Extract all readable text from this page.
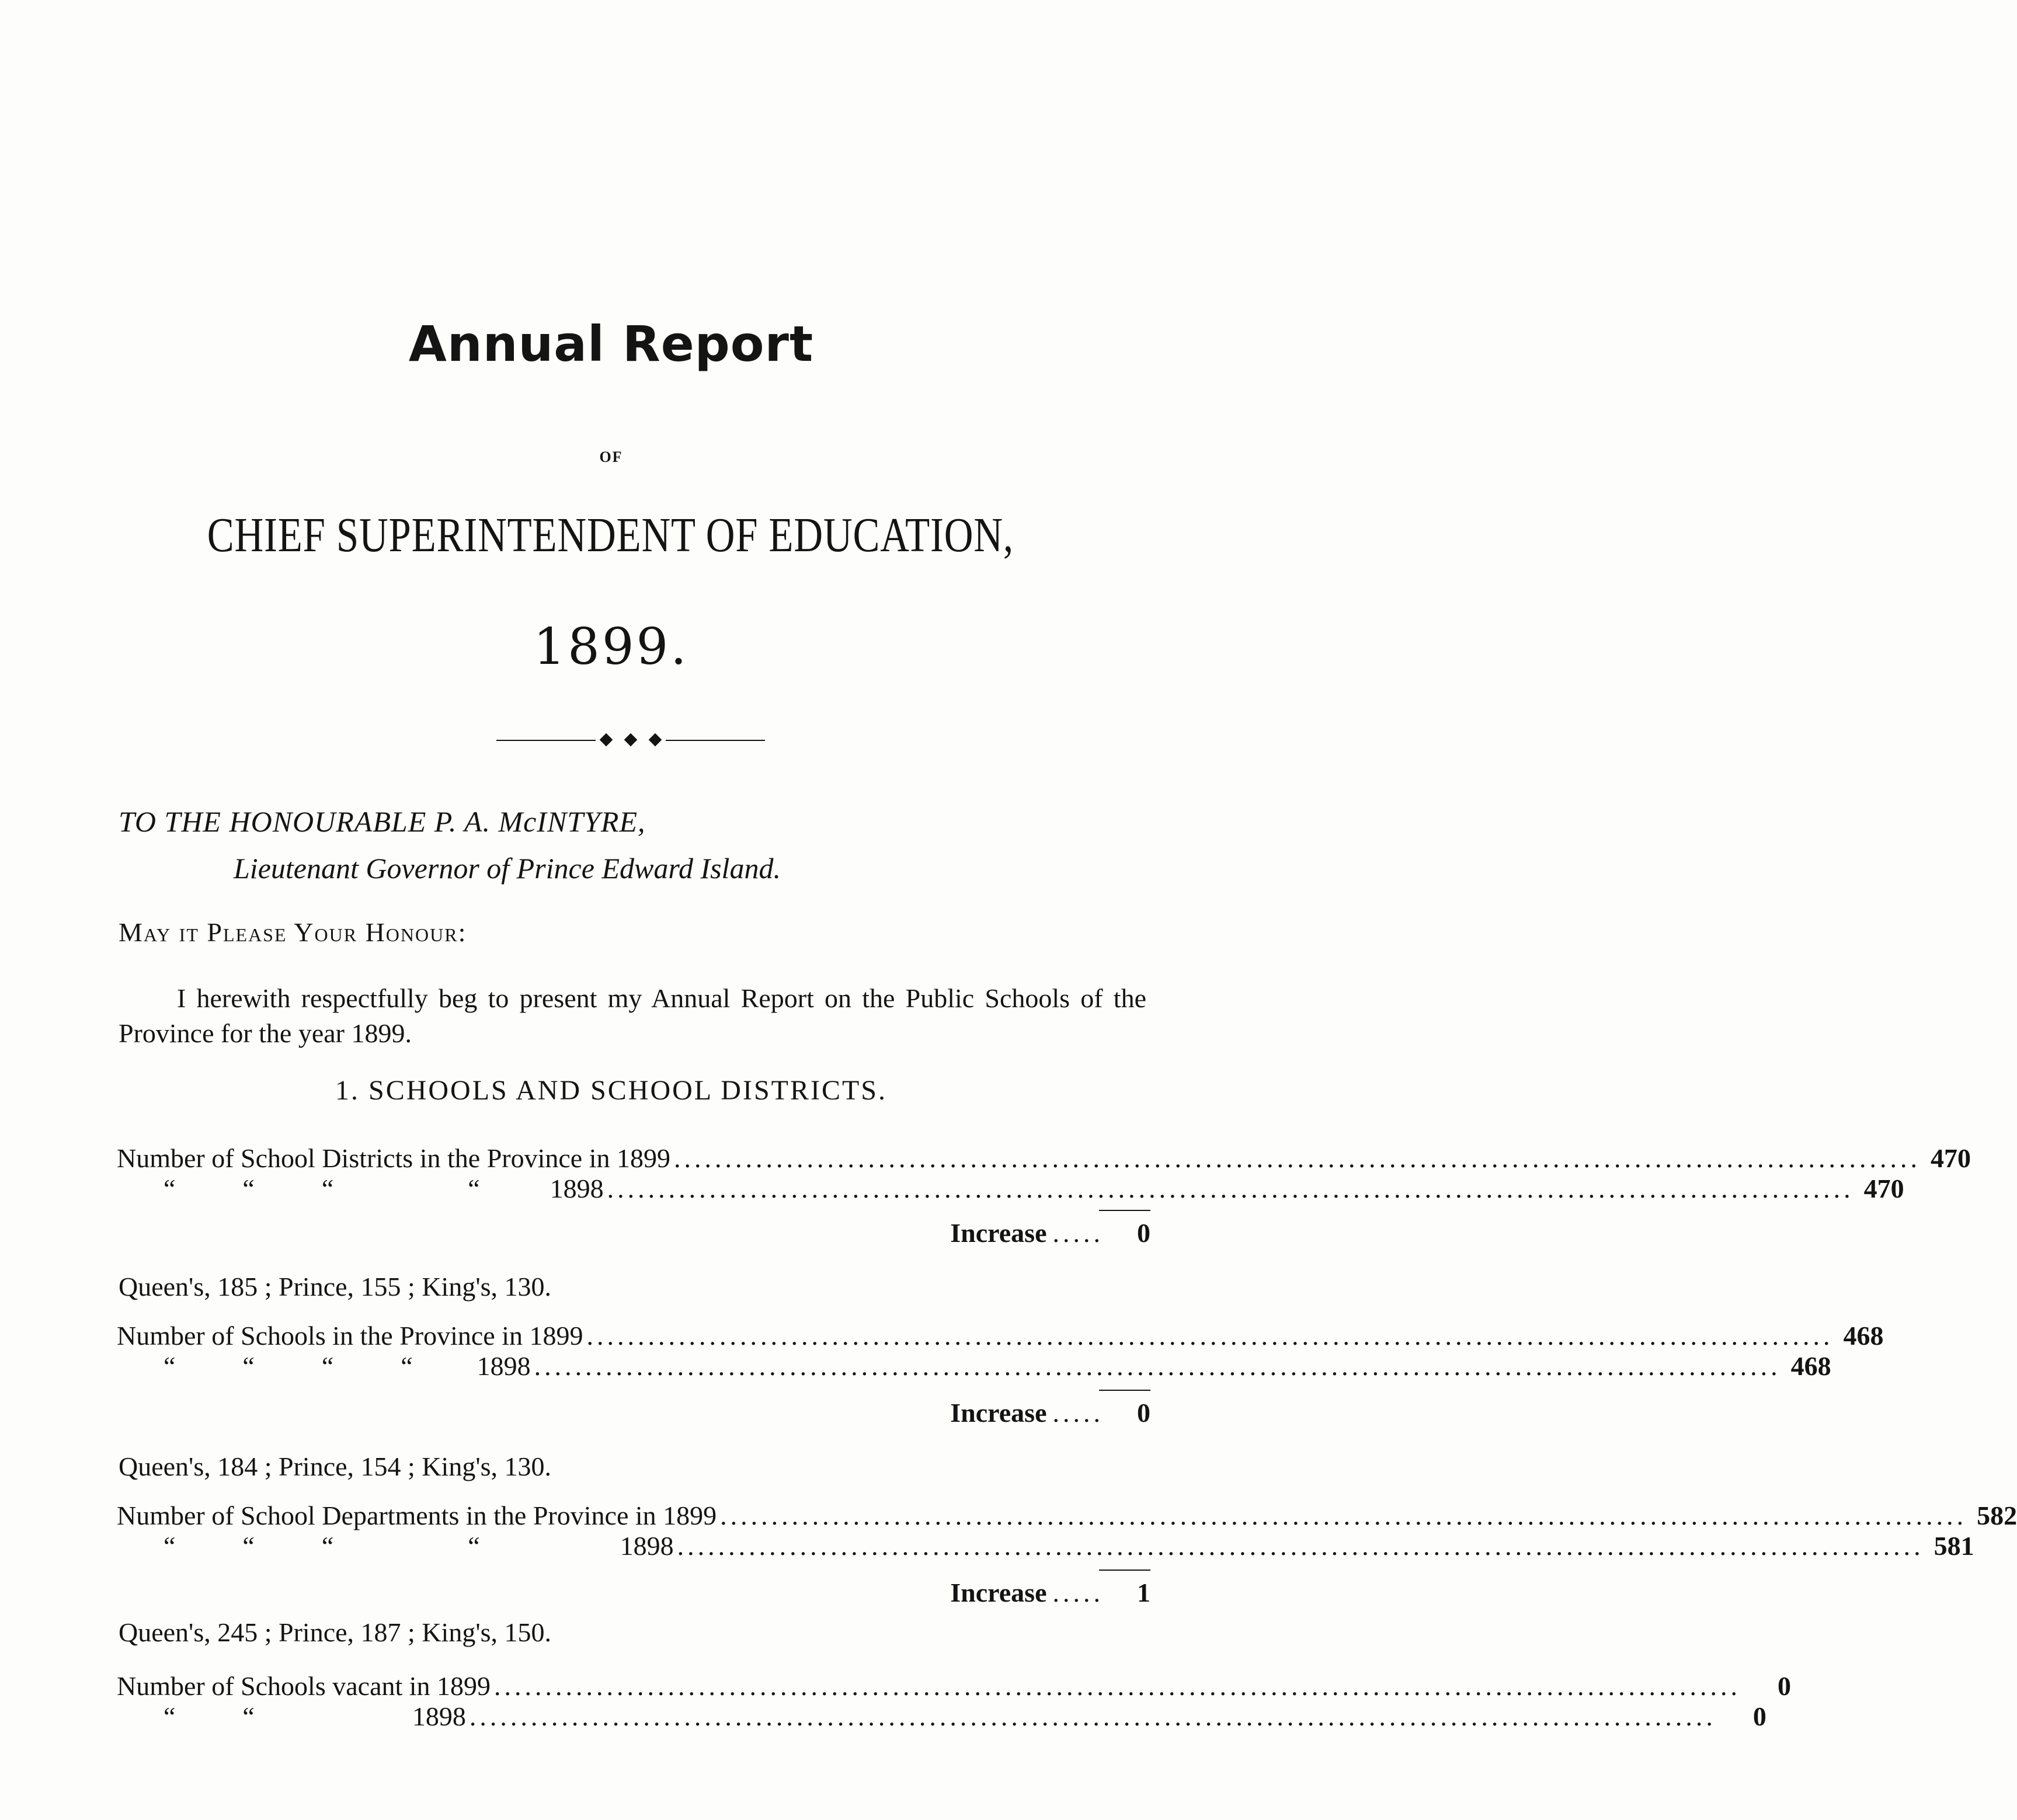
Annual Report
OF
CHIEF SUPERINTENDENT OF EDUCATION,
1899.
TO THE HONOURABLE P. A. McINTYRE,
Lieutenant Governor of Prince Edward Island.
May it Please Your Honour:
I herewith respectfully beg to present my Annual Report on the Public Schools of the Province for the year 1899.
1. SCHOOLS AND SCHOOL DISTRICTS.
Number of School Districts in the Province in 1899 .......................................................................................................................... 470
“          “          “                    “	1898 .......................................................................................................................... 470
Increase .....	0
Queen's, 185 ; Prince, 155 ; King's, 130.
Number of Schools in the Province in 1899 .......................................................................................................................... 468
“          “          “          “ 1898 .......................................................................................................................... 468
Increase .....	0
Queen's, 184 ; Prince, 154 ; King's, 130.
Number of School Departments in the Province in 1899 .......................................................................................................................... 582
“          “          “                    “	1898 .......................................................................................................................... 581
Increase .....	1
Queen's, 245 ; Prince, 187 ; King's, 150.
Number of Schools vacant in 1899 ..........................................................................................................................	0
“          “	1898 ..........................................................................................................................	0
